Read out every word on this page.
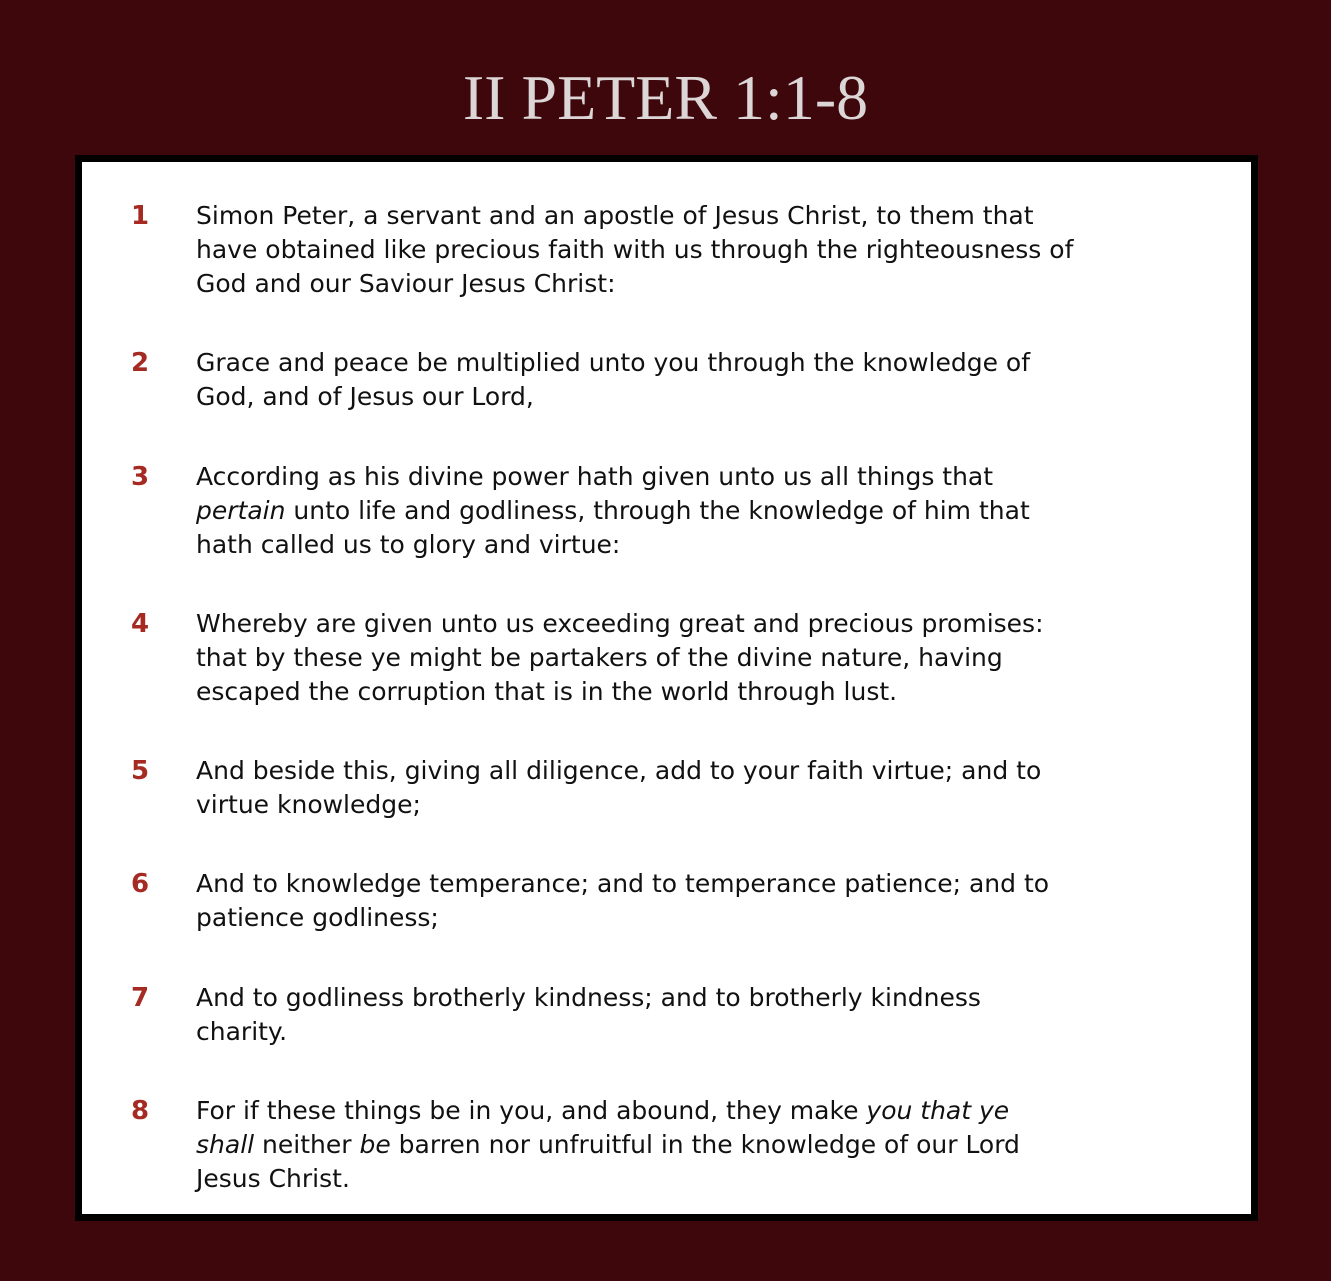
II PETER 1:1-8
1 Simon Peter, a servant and an apostle of Jesus Christ, to them that
have obtained like precious faith with us through the righteousness of
God and our Saviour Jesus Christ:

2 Grace and peace be multiplied unto you through the knowledge of
God, and of Jesus our Lord,

3 According as his divine power hath given unto us all things that
pertain unto life and godliness, through the knowledge of him that
hath called us to glory and virtue:

4 Whereby are given unto us exceeding great and precious promises:
that by these ye might be partakers of the divine nature, having
escaped the corruption that is in the world through lust.

5 And beside this, giving all diligence, add to your faith virtue; and to
virtue knowledge;

6 And to knowledge temperance; and to temperance patience; and to
patience godliness;

7 And to godliness brotherly kindness; and to brotherly kindness
charity.

8 For if these things be in you, and abound, they make you that ye
shall neither be barren nor unfruitful in the knowledge of our Lord
Jesus Christ.
